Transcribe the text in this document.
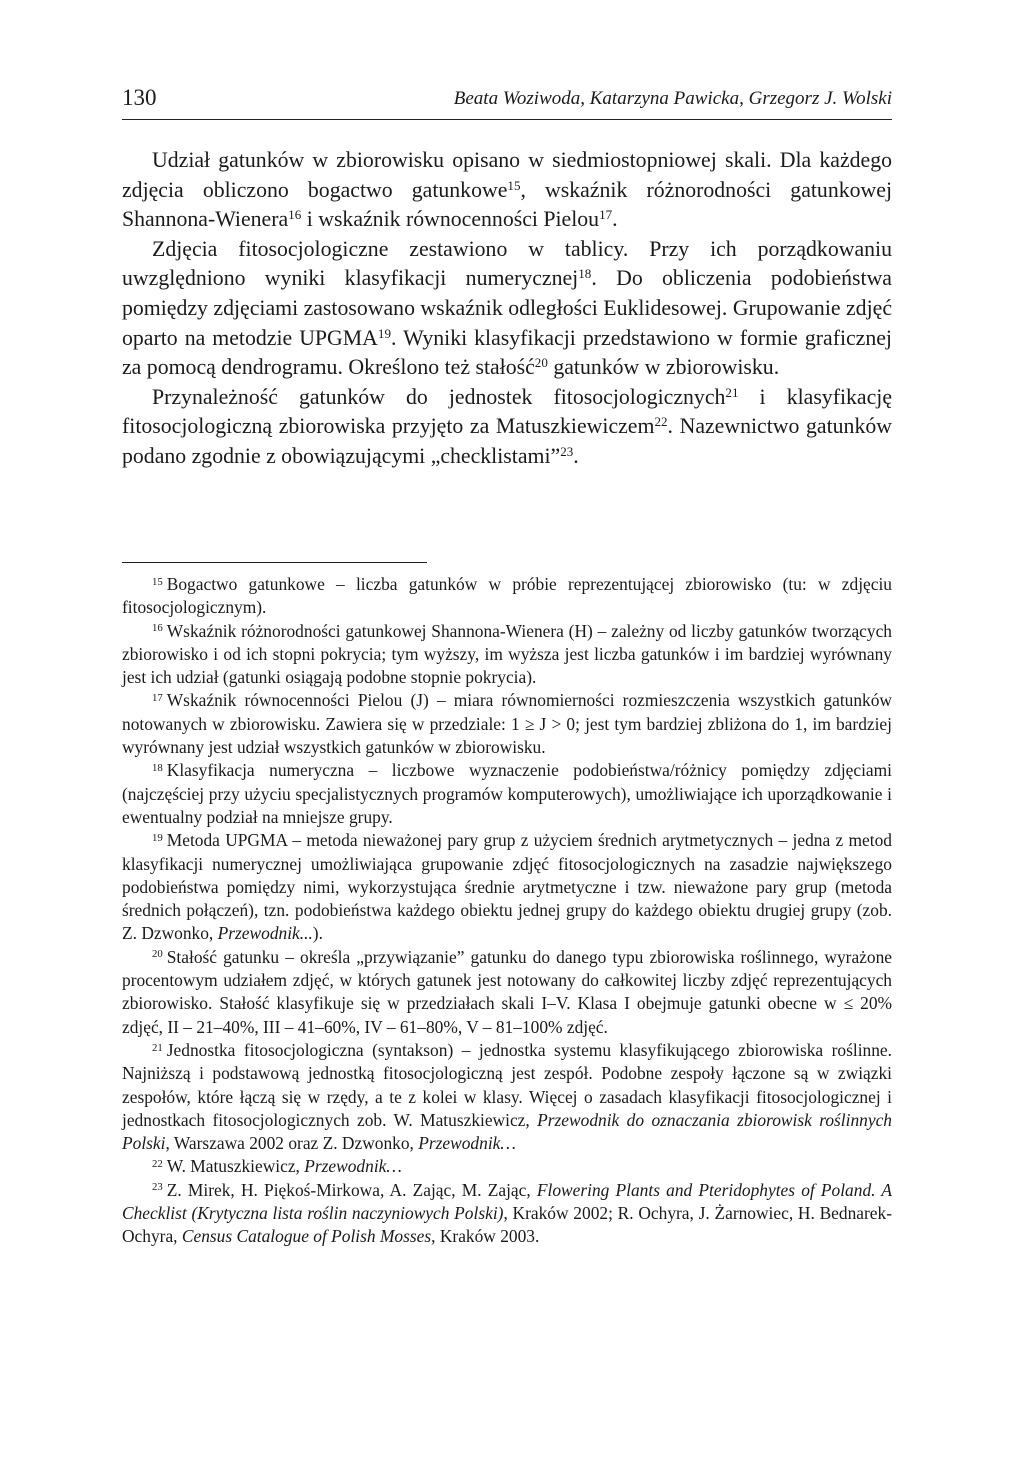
130	Beata Woziwoda, Katarzyna Pawicka, Grzegorz J. Wolski

Udział gatunków w zbiorowisku opisano w siedmiostopniowej skali. Dla każdego zdjęcia obliczono bogactwo gatunkowe$^{15}$, wskaźnik różnorodności gatunkowej Shannona-Wienera$^{16}$ i wskaźnik równocenności Pielou$^{17}$.

Zdjęcia fitosocjologiczne zestawiono w tablicy. Przy ich porządkowaniu uwzględniono wyniki klasyfikacji numerycznej$^{18}$. Do obliczenia podobieństwa pomiędzy zdjęciami zastosowano wskaźnik odległości Euklidesowej. Grupowanie zdjęć oparto na metodzie UPGMA$^{19}$. Wyniki klasyfikacji przedstawiono w formie graficznej za pomocą dendrogramu. Określono też stałość$^{20}$ gatunków w zbiorowisku.

Przynależność gatunków do jednostek fitosocjologicznych$^{21}$ i klasyfikację fitosocjologiczną zbiorowiska przyjęto za Matuszkiewiczem$^{22}$. Nazewnictwo gatunków podano zgodnie z obowiązującymi „checklistami”$^{23}$.

$^{15}$ Bogactwo gatunkowe – liczba gatunków w próbie reprezentującej zbiorowisko (tu: w zdjęciu fitosocjologicznym).

$^{16}$ Wskaźnik różnorodności gatunkowej Shannona-Wienera (H) – zależny od liczby gatunków tworzących zbiorowisko i od ich stopni pokrycia; tym wyższy, im wyższa jest liczba gatunków i im bardziej wyrównany jest ich udział (gatunki osiągają podobne stopnie pokrycia).

$^{17}$ Wskaźnik równocenności Pielou (J) – miara równomierności rozmieszczenia wszystkich gatunków notowanych w zbiorowisku. Zawiera się w przedziale: 1 ≥ J > 0; jest tym bardziej zbliżona do 1, im bardziej wyrównany jest udział wszystkich gatunków w zbiorowisku.

$^{18}$ Klasyfikacja numeryczna – liczbowe wyznaczenie podobieństwa/różnicy pomiędzy zdjęciami (najczęściej przy użyciu specjalistycznych programów komputerowych), umożliwiające ich uporządkowanie i ewentualny podział na mniejsze grupy.

$^{19}$ Metoda UPGMA – metoda nieważonej pary grup z użyciem średnich arytmetycznych – jedna z metod klasyfikacji numerycznej umożliwiająca grupowanie zdjęć fitosocjologicznych na zasadzie największego podobieństwa pomiędzy nimi, wykorzystująca średnie arytmetyczne i tzw. nieważone pary grup (metoda średnich połączeń), tzn. podobieństwa każdego obiektu jednej grupy do każdego obiektu drugiej grupy (zob. Z. Dzwonko, Przewodnik...).

$^{20}$ Stałość gatunku – określa „przywiązanie” gatunku do danego typu zbiorowiska roślinnego, wyrażone procentowym udziałem zdjęć, w których gatunek jest notowany do całkowitej liczby zdjęć reprezentujących zbiorowisko. Stałość klasyfikuje się w przedziałach skali I–V. Klasa I obejmuje gatunki obecne w ≤ 20% zdjęć, II – 21–40%, III – 41–60%, IV – 61–80%, V – 81–100% zdjęć.

$^{21}$ Jednostka fitosocjologiczna (syntakson) – jednostka systemu klasyfikującego zbiorowiska roślinne. Najniższą i podstawową jednostką fitosocjologiczną jest zespół. Podobne zespoły łączone są w związki zespołów, które łączą się w rzędy, a te z kolei w klasy. Więcej o zasadach klasyfikacji fitosocjologicznej i jednostkach fitosocjologicznych zob. W. Matuszkiewicz, Przewodnik do oznaczania zbiorowisk roślinnych Polski, Warszawa 2002 oraz Z. Dzwonko, Przewodnik…

$^{22}$ W. Matuszkiewicz, Przewodnik…

$^{23}$ Z. Mirek, H. Piękoś-Mirkowa, A. Zając, M. Zając, Flowering Plants and Pteridophytes of Poland. A Checklist (Krytyczna lista roślin naczyniowych Polski), Kraków 2002; R. Ochyra, J. Żarnowiec, H. Bednarek-Ochyra, Census Catalogue of Polish Mosses, Kraków 2003.
